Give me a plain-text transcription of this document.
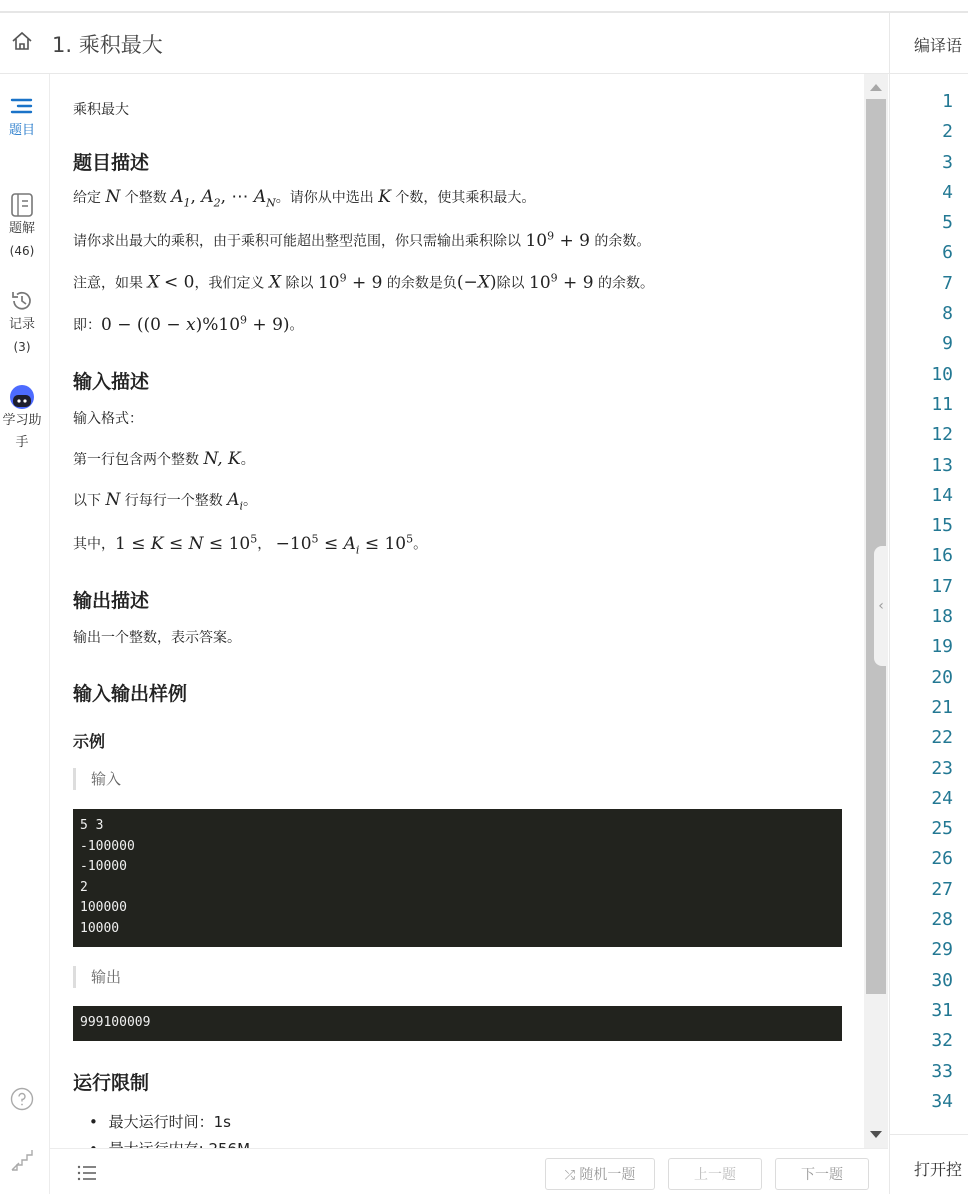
1. 乘积最大
题目
题解
(46)
记录
(3)
学习助手
乘积最大
题目描述
给定 N 个整数 $A_1$, $A_2$, ⋯ $A_N$。请你从中选出 K 个数，使其乘积最大。
请你求出最大的乘积，由于乘积可能超出整型范围，你只需输出乘积除以 $10^9 + 9$ 的余数。
注意，如果 X < 0，我们定义 X 除以 $10^9 + 9$ 的余数是负(−X)除以 $10^9 + 9$ 的余数。
即：$0 - ((0 - x)\%10^9 + 9)$。
输入描述
输入格式：
第一行包含两个整数 N, K。
以下 N 行每行一个整数 $A_i$。
其中，$1 \le K \le N \le 10^5$， $-10^5 \le A_i \le 10^5$。
输出描述
输出一个整数，表示答案。
输入输出样例
示例
输入
5 3
-100000
-10000
2
100000
10000
输出
999100009
运行限制
• 最大运行时间：1s
‹
⤮ 随机一题	上一题	下一题
编译语
1
2
3
4
5
6
7
8
9
10
11
12
13
14
15
16
17
18
19
20
21
22
23
24
25
26
27
28
29
30
31
32
33
34
打开控
